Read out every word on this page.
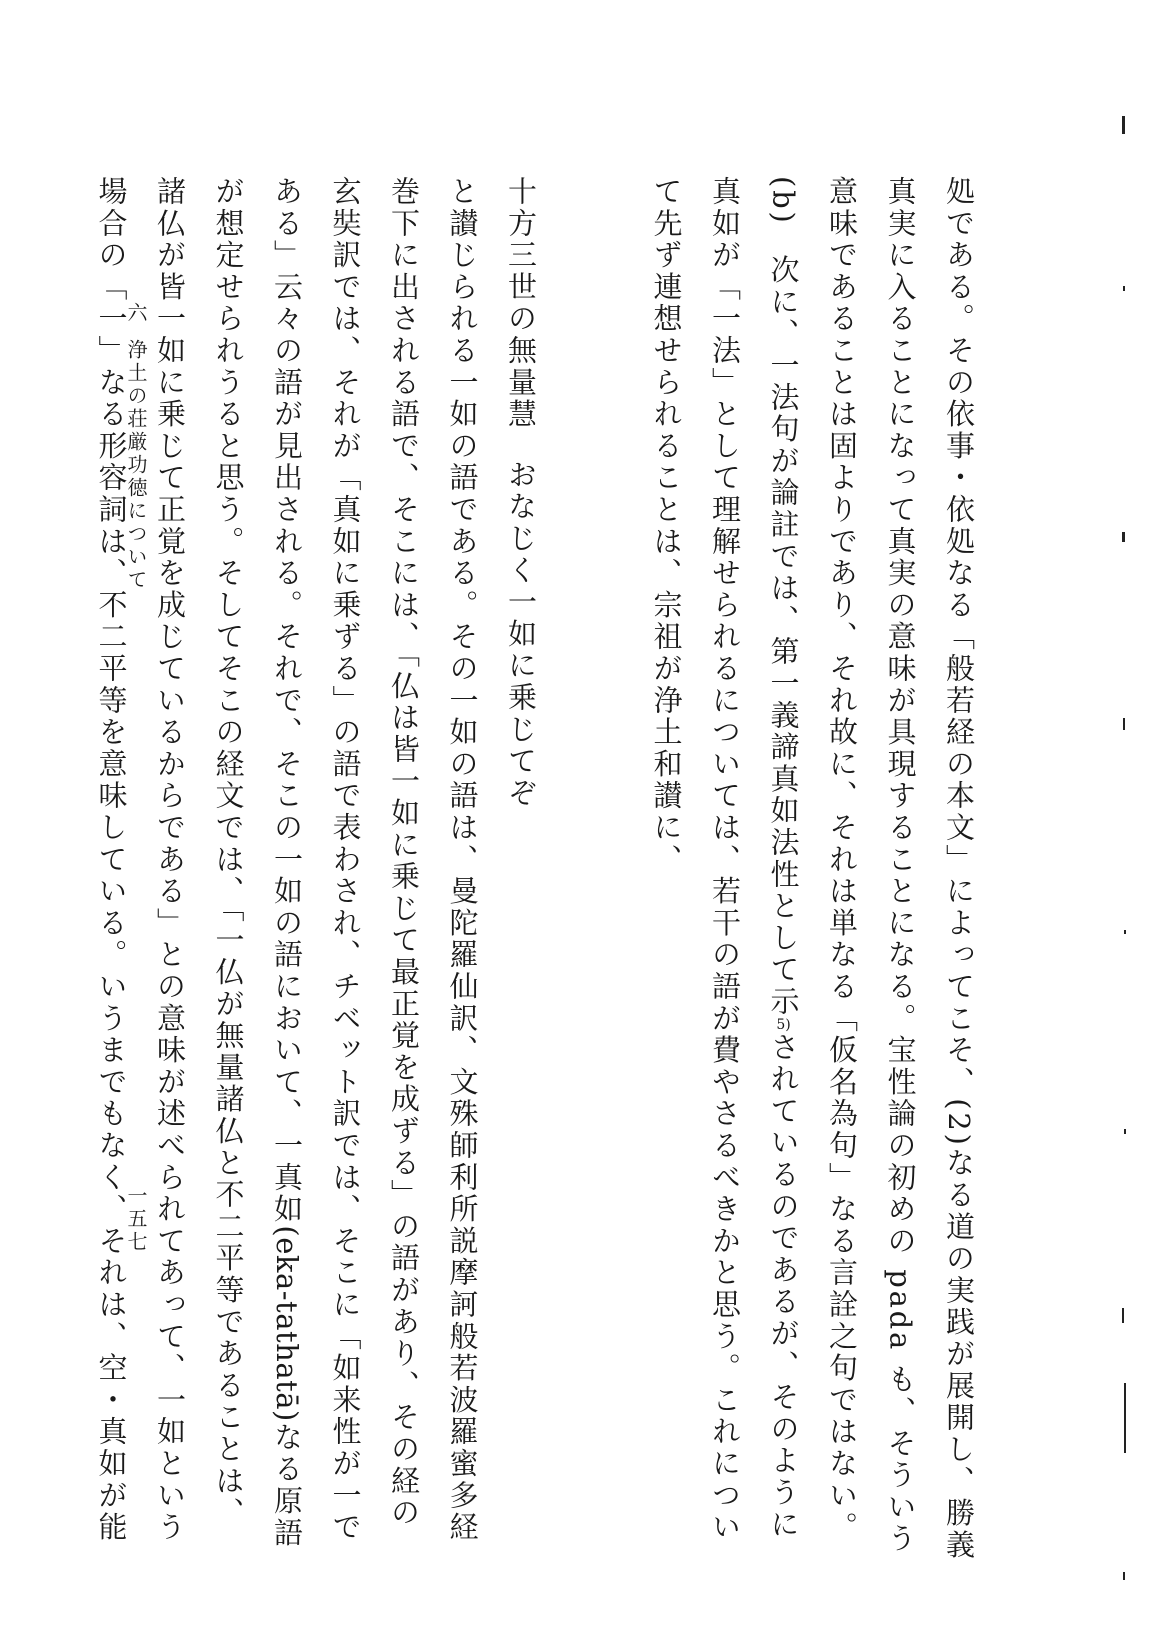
処である。その依事・依処なる「般若経の本文」によってこそ、(2)なる道の実践が展開し、勝義
真実に入ることになって真実の意味が具現することになる。宝性論の初めの pada も、そういう
意味であることは固よりであり、それ故に、それは単なる「仮名為句」なる言詮之句ではない。
(b)次に、一法句が論註では、第一義諦真如法性として示5)されているのであるが、そのように
真如が「一法」として理解せられるについては、若干の語が費やさるべきかと思う。これについ
て先ず連想せられることは、宗祖が浄土和讃に、
十方三世の無量慧おなじく一如に乗じてぞ
と讃じられる一如の語である。その一如の語は、曼陀羅仙訳、文殊師利所説摩訶般若波羅蜜多経
巻下に出される語で、そこには、「仏は皆一如に乗じて最正覚を成ずる」の語があり、その経の
玄奘訳では、それが「真如に乗ずる」の語で表わされ、チベット訳では、そこに「如来性が一で
ある」云々の語が見出される。それで、そこの一如の語において、一真如(eka-tathatā)なる原語
が想定せられうると思う。そしてそこの経文では、「一仏が無量諸仏と不二平等であることは、
諸仏が皆一如に乗じて正覚を成じているからである」との意味が述べられてあって、一如という
場合の「一」なる形容詞は、不二平等を意味している。いうまでもなく、それは、空・真如が能
六浄土の荘厳功徳について
一五七
